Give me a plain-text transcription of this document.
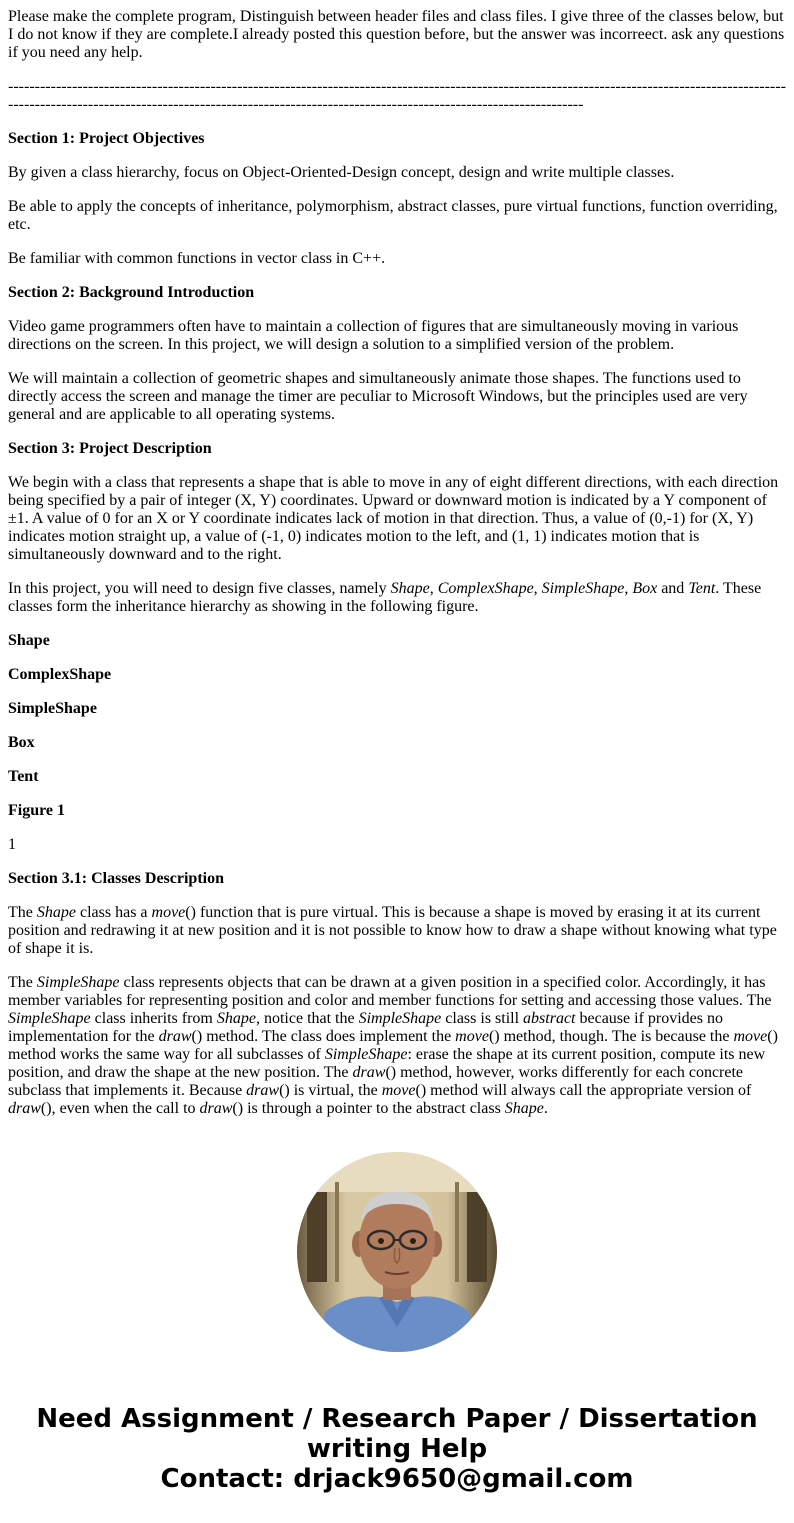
Please make the complete program, Distinguish between header files and class files. I give three of the classes below, but I do not know if they are complete.I already posted this question before, but the answer was incorreect. ask any questions if you need any help.

--------------------------------------------------------------------------------------------------------------------------------------------------------------------------------------------------------------------------------------------------------------

Section 1: Project Objectives

By given a class hierarchy, focus on Object-Oriented-Design concept, design and write multiple classes.

Be able to apply the concepts of inheritance, polymorphism, abstract classes, pure virtual functions, function overriding, etc.

Be familiar with common functions in vector class in C++.

Section 2: Background Introduction

Video game programmers often have to maintain a collection of figures that are simultaneously moving in various directions on the screen. In this project, we will design a solution to a simplified version of the problem.

We will maintain a collection of geometric shapes and simultaneously animate those shapes. The functions used to directly access the screen and manage the timer are peculiar to Microsoft Windows, but the principles used are very general and are applicable to all operating systems.

Section 3: Project Description

We begin with a class that represents a shape that is able to move in any of eight different directions, with each direction being specified by a pair of integer (X, Y) coordinates. Upward or downward motion is indicated by a Y component of ±1. A value of 0 for an X or Y coordinate indicates lack of motion in that direction. Thus, a value of (0,-1) for (X, Y) indicates motion straight up, a value of (-1, 0) indicates motion to the left, and (1, 1) indicates motion that is simultaneously downward and to the right.

In this project, you will need to design five classes, namely Shape, ComplexShape, SimpleShape, Box and Tent. These classes form the inheritance hierarchy as showing in the following figure.

Shape

ComplexShape

SimpleShape

Box

Tent

Figure 1

1

Section 3.1: Classes Description

The Shape class has a move() function that is pure virtual. This is because a shape is moved by erasing it at its current position and redrawing it at new position and it is not possible to know how to draw a shape without knowing what type of shape it is.

The SimpleShape class represents objects that can be drawn at a given position in a specified color. Accordingly, it has member variables for representing position and color and member functions for setting and accessing those values. The SimpleShape class inherits from Shape, notice that the SimpleShape class is still abstract because if provides no implementation for the draw() method. The class does implement the move() method, though. The is because the move() method works the same way for all subclasses of SimpleShape: erase the shape at its current position, compute its new position, and draw the shape at the new position. The draw() method, however, works differently for each concrete subclass that implements it. Because draw() is virtual, the move() method will always call the appropriate version of draw(), even when the call to draw() is through a pointer to the abstract class Shape.

Need Assignment / Research Paper / Dissertation
writing Help
Contact: drjack9650@gmail.com
